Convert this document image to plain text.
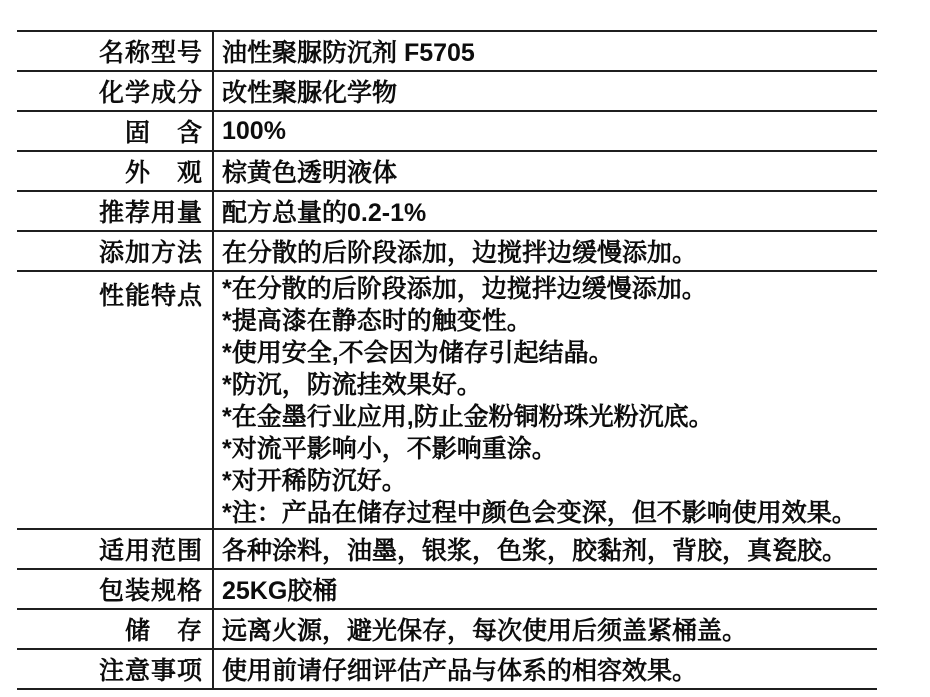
名称型号 油性聚脲防沉剂 F5705
化学成分 改性聚脲化学物
固　含 100%
外　观 棕黄色透明液体
推荐用量 配方总量的0.2-1%
添加方法 在分散的后阶段添加，边搅拌边缓慢添加。
性能特点 *在分散的后阶段添加，边搅拌边缓慢添加。
*提高漆在静态时的触变性。
*使用安全,不会因为储存引起结晶。
*防沉，防流挂效果好。
*在金墨行业应用,防止金粉铜粉珠光粉沉底。
*对流平影响小，不影响重涂。
*对开稀防沉好。
*注：产品在储存过程中颜色会变深，但不影响使用效果。
适用范围 各种涂料，油墨，银浆，色浆，胶黏剂，背胶，真瓷胶。
包装规格 25KG胶桶
储　存 远离火源，避光保存，每次使用后须盖紧桶盖。
注意事项 使用前请仔细评估产品与体系的相容效果。
